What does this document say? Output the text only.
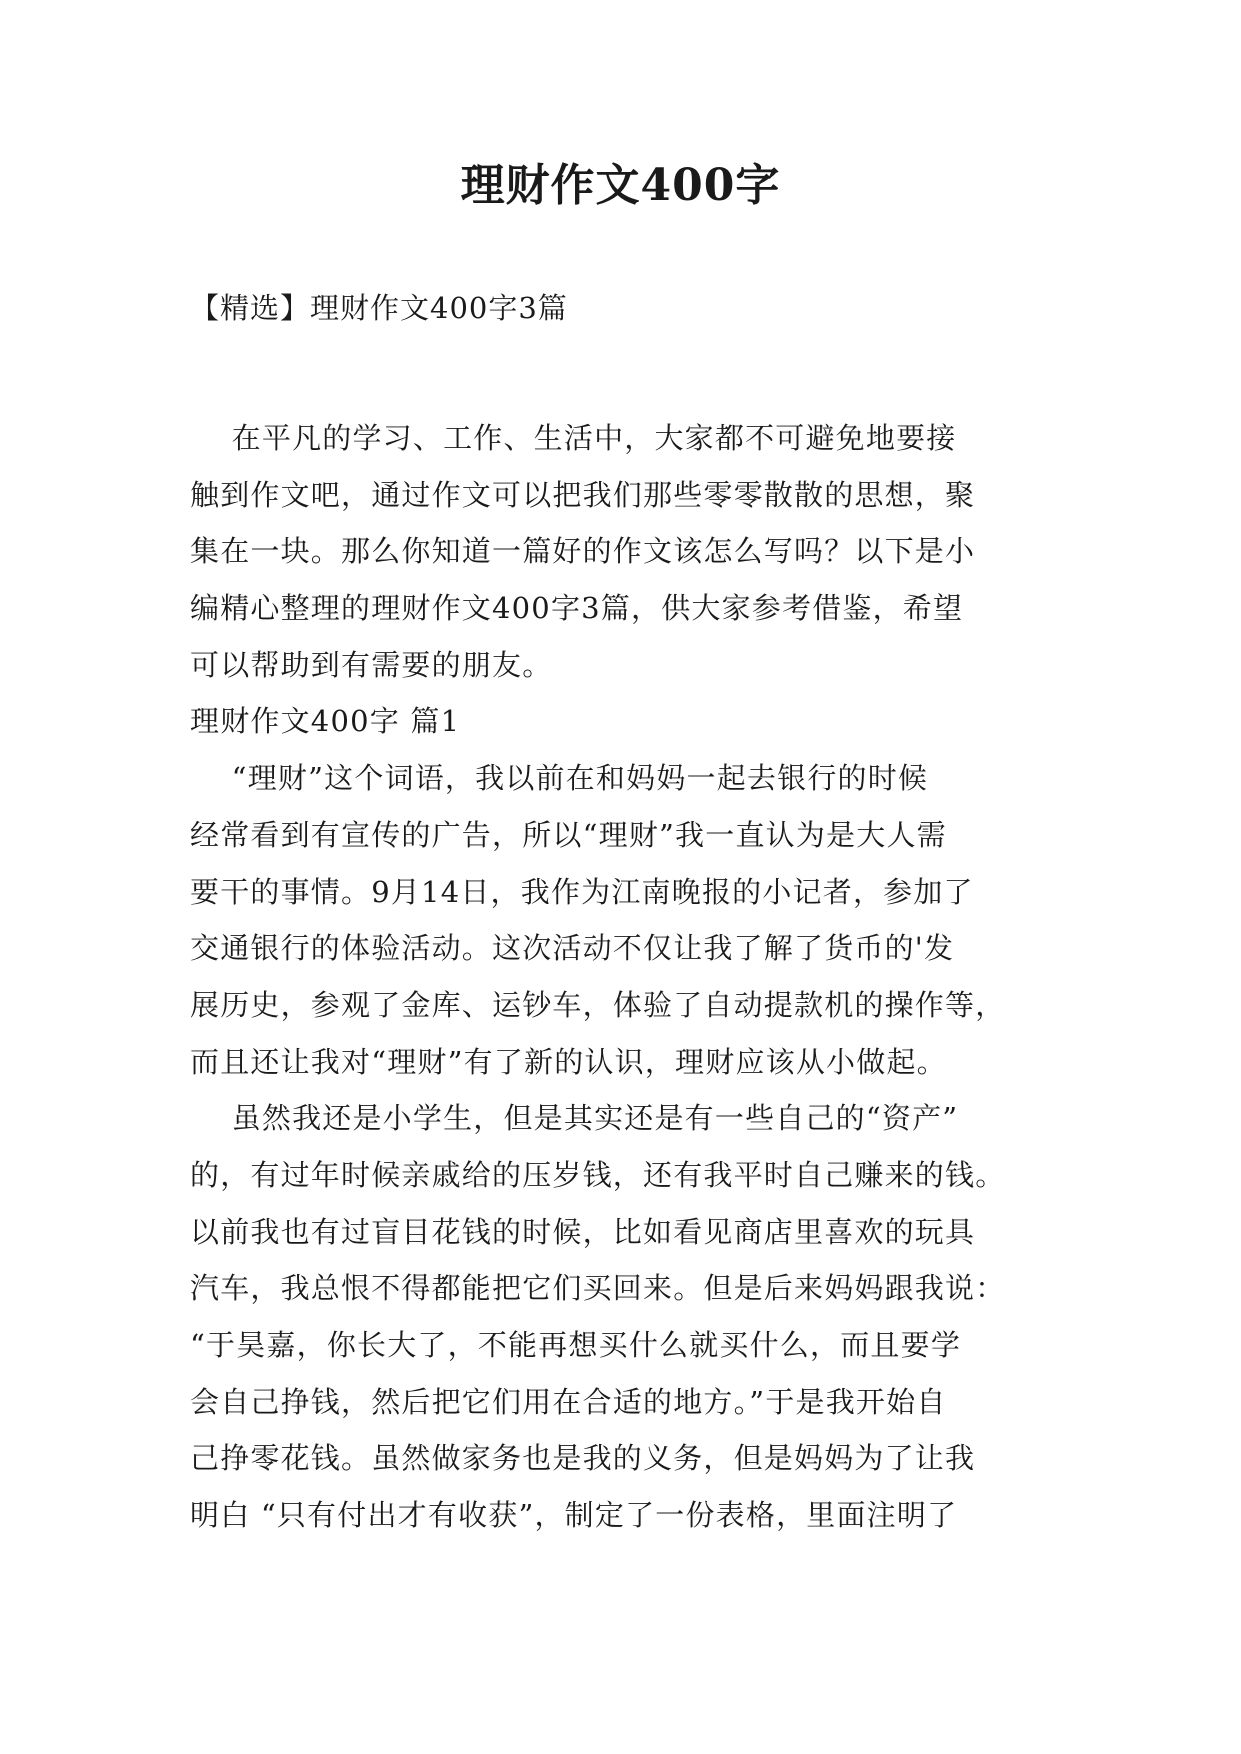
理财作文400字
【精选】理财作文400字3篇
在平凡的学习、工作、生活中，大家都不可避免地要接
触到作文吧，通过作文可以把我们那些零零散散的思想，聚
集在一块。那么你知道一篇好的作文该怎么写吗？以下是小
编精心整理的理财作文400字3篇，供大家参考借鉴，希望
可以帮助到有需要的朋友。
理财作文400字 篇1
“理财”这个词语，我以前在和妈妈一起去银行的时候
经常看到有宣传的广告，所以“理财”我一直认为是大人需
要干的事情。9月14日，我作为江南晚报的小记者，参加了
交通银行的体验活动。这次活动不仅让我了解了货币的'发
展历史，参观了金库、运钞车，体验了自动提款机的操作等，
而且还让我对“理财”有了新的认识，理财应该从小做起。
虽然我还是小学生，但是其实还是有一些自己的“资产”
的，有过年时候亲戚给的压岁钱，还有我平时自己赚来的钱。
以前我也有过盲目花钱的时候，比如看见商店里喜欢的玩具
汽车，我总恨不得都能把它们买回来。但是后来妈妈跟我说：
“于昊嘉，你长大了，不能再想买什么就买什么，而且要学
会自己挣钱，然后把它们用在合适的地方。”于是我开始自
己挣零花钱。虽然做家务也是我的义务，但是妈妈为了让我
明白 “只有付出才有收获”，制定了一份表格，里面注明了
